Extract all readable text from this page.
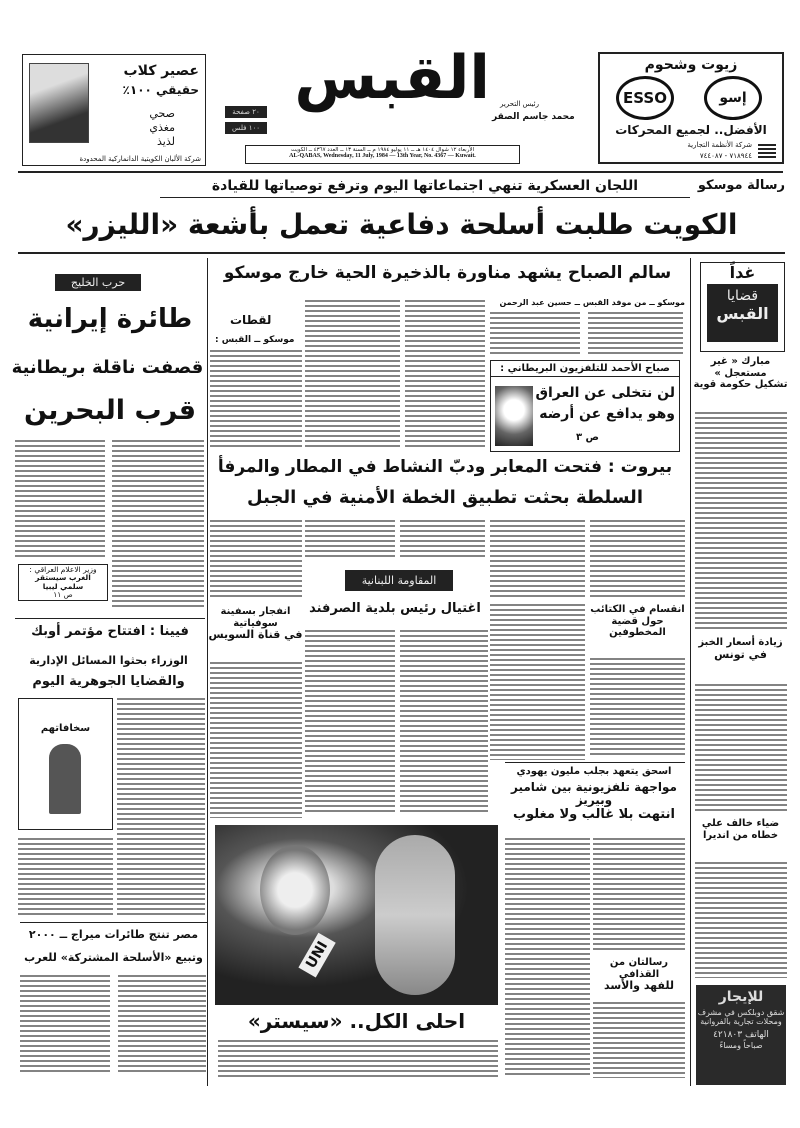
عصير كلاب
حقيقي ١٠٠٪
صحي
مغذي
لذيذ
شركة الألبان الكويتية الدانماركية المحدودة
٢٠ صفحة
١٠٠ فلس
القبس رئيس التحرير
محمد جاسم الصقر
الأربعاء ١٢ شوال ١٤٠٤ هـ ــ ١١ يوليو ١٩٨٤ م ــ السنة ١٣ ــ العدد ٤٣٦٧ ــ الكويت
AL-QABAS, Wednesday, 11 July, 1984 — 13th Year, No. 4367 — Kuwait.
زيوت وشحوم
ESSO	إسو
الأفضل.. لجميع المحركات
شركة الأنظمة التجارية
٧١٨٩٤٤ - ٧٤٤٠٨٧
رسالة موسكو
اللجان العسكرية تنهي اجتماعاتها اليوم وترفع توصياتها للقيادة
الكويت طلبت أسلحة دفاعية تعمل بأشعة «الليزر»
سالم الصباح يشهد مناورة بالذخيرة الحية خارج موسكو
حرب الخليج
طائرة إيرانية
قصفت ناقلة بريطانية
قرب البحرين
وزير الاعلام العراقي :
الغرب سيستقر
سلمي ليبيا
ص ١١
فيينا : افتتاح مؤتمر أوبك
الوزراء بحثوا المسائل الإدارية
والقضايا الجوهرية اليوم
سخافاتهم
مصر تنتج طائرات ميراج ــ ٢٠٠٠
وتبيع «الأسلحة المشتركة» للعرب
لقطات
موسكو ــ القبس :
موسكو ــ من موفد القبس ــ حسين عبد الرحمن
صباح الأحمد للتلفزيون البريطاني :
لن نتخلى عن العراق
وهو يدافع عن أرضه
ص ٣
بيروت : فتحت المعابر ودبّ النشاط في المطار والمرفأ
السلطة بحثت تطبيق الخطة الأمنية في الجبل
المقاومة اللبنانية
اغتيال رئيس بلدية الصرفند
انفجار بسفينة سوفياتية
في قناة السويس
انقسام في الكتائب
حول قضية المخطوفين
اسحق يتعهد بجلب مليون يهودي
مواجهة تلفزيونية بين شامير وبيريز
انتهت بلا غالب ولا مغلوب
UNI
احلى الكل.. «سيستر»
رسالتان من القذافي
للفهد والأسد
غداً
قضايا
القبس
مبارك « غير مستعجل »
تشكيل حكومة قوية
زيادة أسعار الخبز
في تونس
ضياء خالف علي
خطاه من انديرا
للإيجار
شقق دوبلكس في مشرف
ومحلات تجارية بالفروانية
الهاتف ٤٢١٨٠٣
صباحاً ومساءً
